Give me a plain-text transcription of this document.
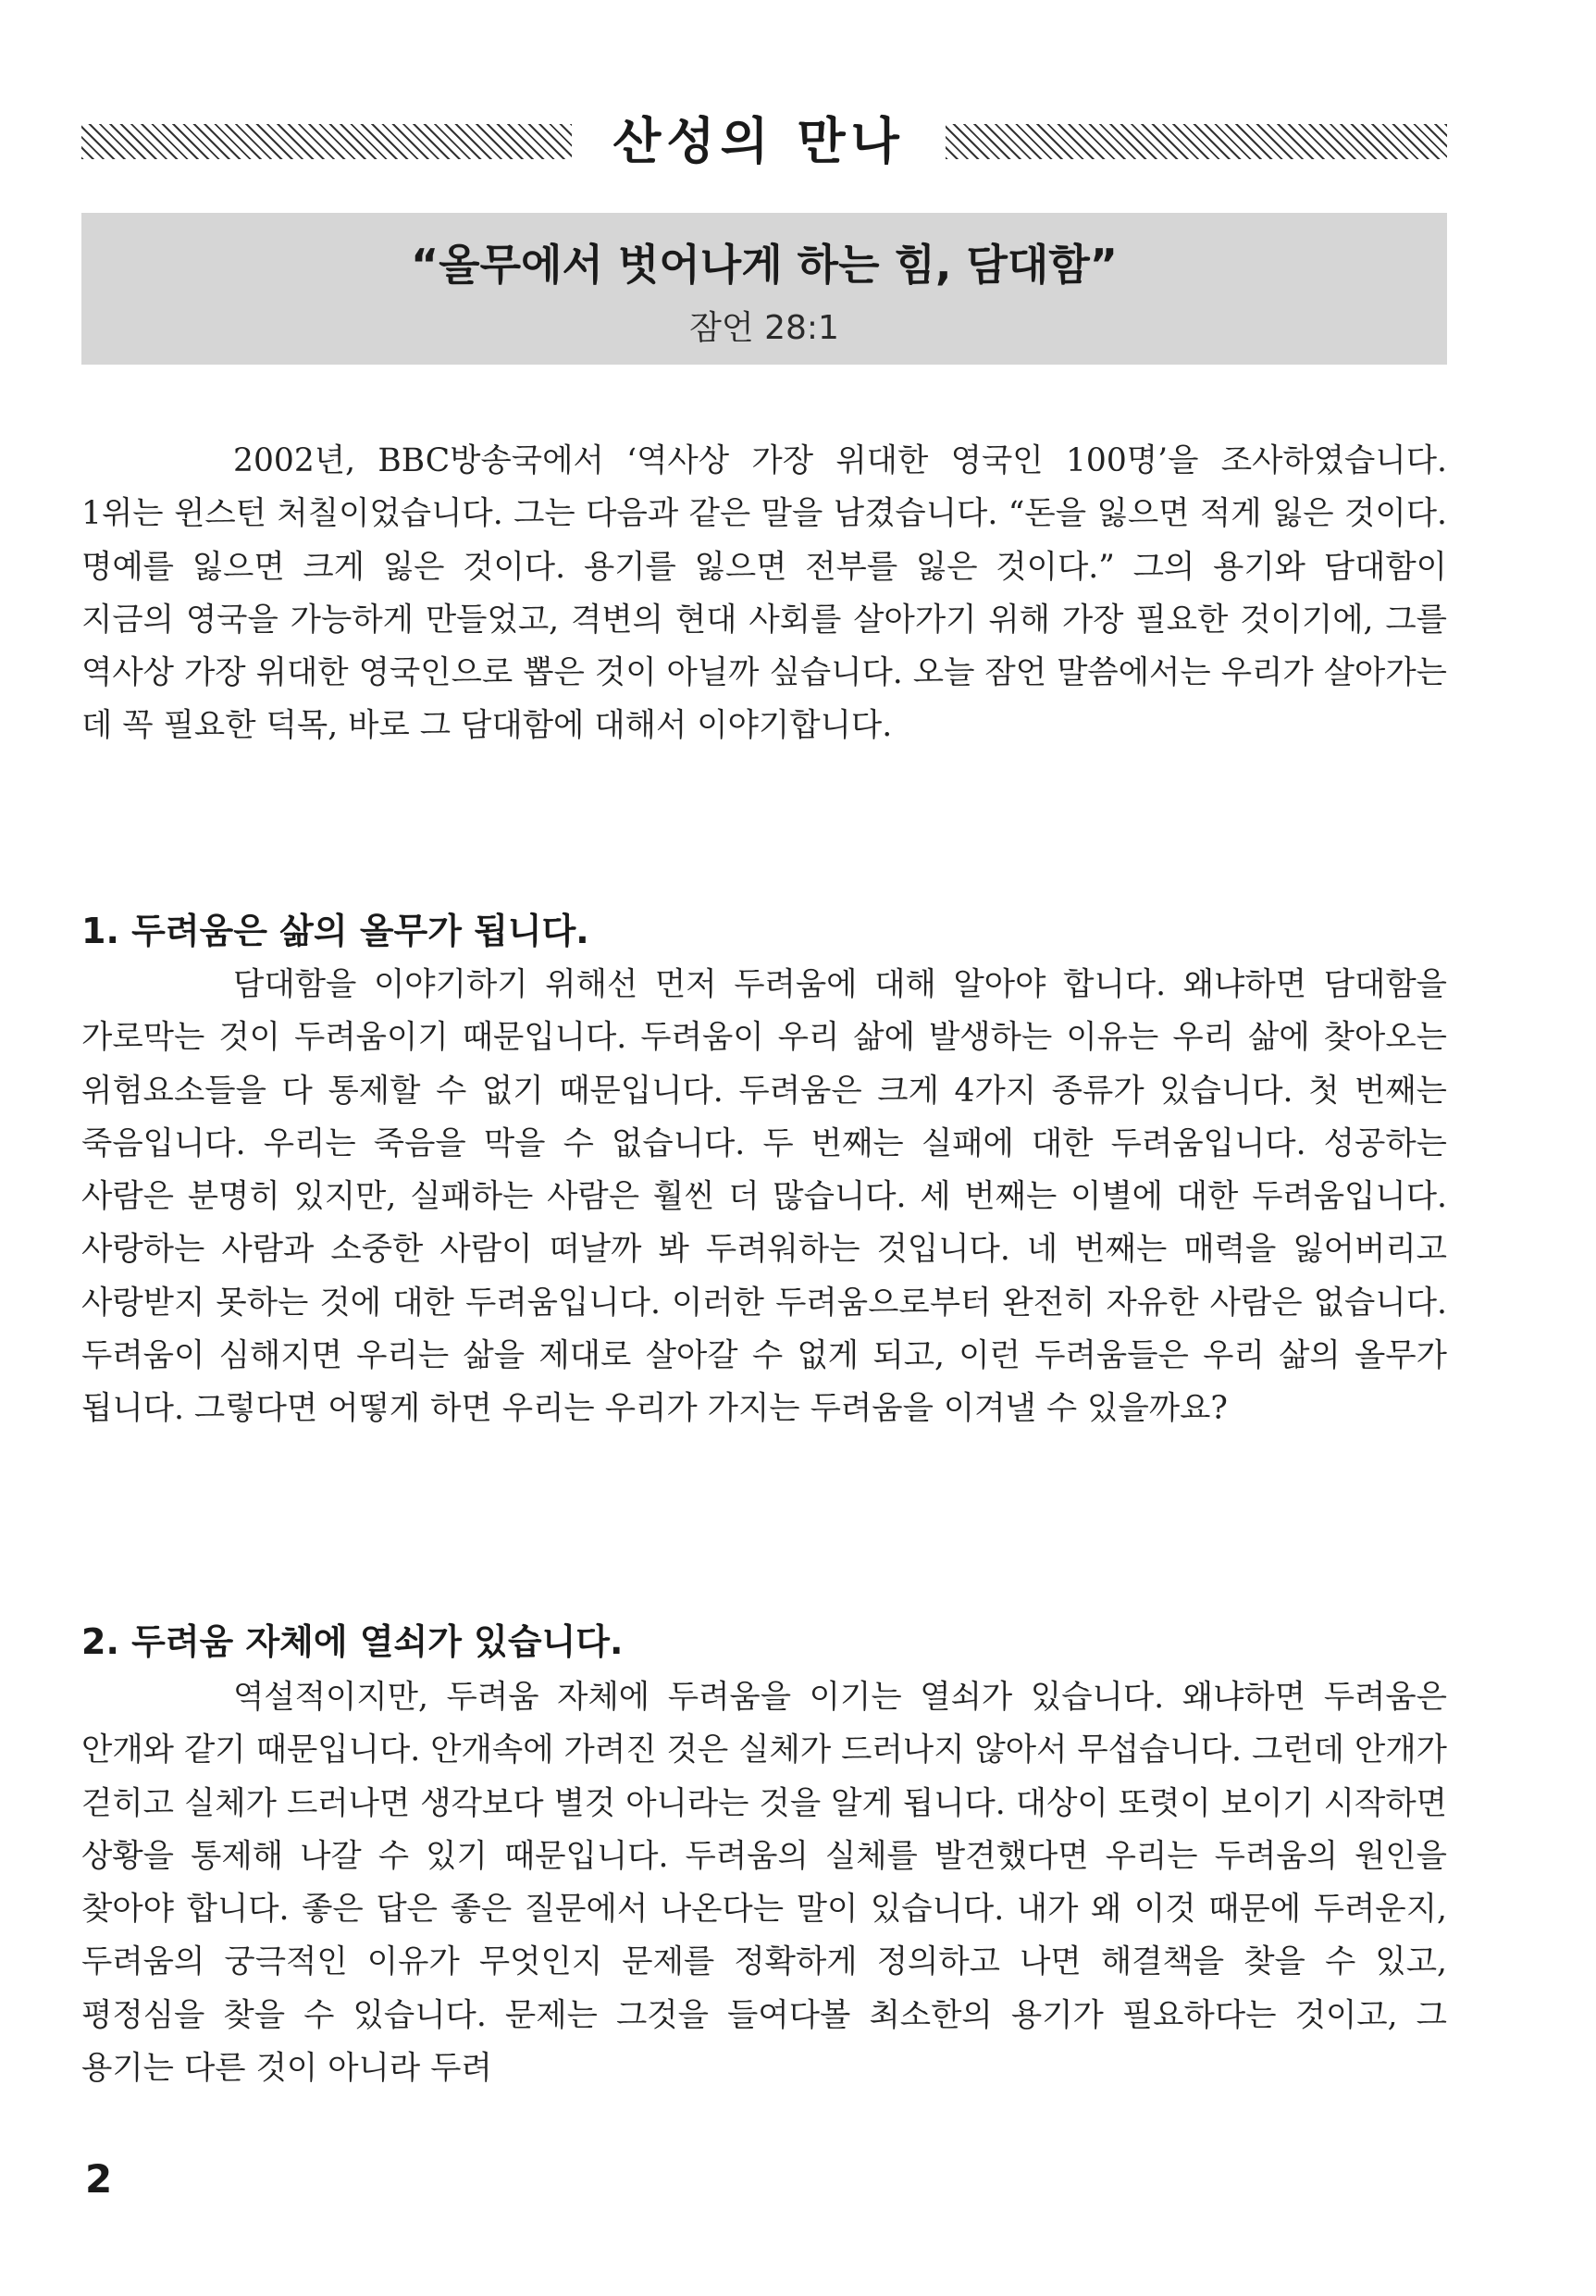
산성의 만나
“올무에서 벗어나게 하는 힘, 담대함”
잠언 28:1

2002년, BBC방송국에서 ‘역사상 가장 위대한 영국인 100명’을 조사하였습니다. 1위는 윈스턴 처칠이었습니다. 그는 다음과 같은 말을 남겼습니다. “돈을 잃으면 적게 잃은 것이다. 명예를 잃으면 크게 잃은 것이다. 용기를 잃으면 전부를 잃은 것이다.” 그의 용기와 담대함이 지금의 영국을 가능하게 만들었고, 격변의 현대 사회를 살아가기 위해 가장 필요한 것이기에, 그를 역사상 가장 위대한 영국인으로 뽑은 것이 아닐까 싶습니다. 오늘 잠언 말씀에서는 우리가 살아가는 데 꼭 필요한 덕목, 바로 그 담대함에 대해서 이야기합니다.

1. 두려움은 삶의 올무가 됩니다.

담대함을 이야기하기 위해선 먼저 두려움에 대해 알아야 합니다. 왜냐하면 담대함을 가로막는 것이 두려움이기 때문입니다. 두려움이 우리 삶에 발생하는 이유는 우리 삶에 찾아오는 위험요소들을 다 통제할 수 없기 때문입니다. 두려움은 크게 4가지 종류가 있습니다. 첫 번째는 죽음입니다. 우리는 죽음을 막을 수 없습니다. 두 번째는 실패에 대한 두려움입니다. 성공하는 사람은 분명히 있지만, 실패하는 사람은 훨씬 더 많습니다. 세 번째는 이별에 대한 두려움입니다. 사랑하는 사람과 소중한 사람이 떠날까 봐 두려워하는 것입니다. 네 번째는 매력을 잃어버리고 사랑받지 못하는 것에 대한 두려움입니다. 이러한 두려움으로부터 완전히 자유한 사람은 없습니다. 두려움이 심해지면 우리는 삶을 제대로 살아갈 수 없게 되고, 이런 두려움들은 우리 삶의 올무가 됩니다. 그렇다면 어떻게 하면 우리는 우리가 가지는 두려움을 이겨낼 수 있을까요?

2. 두려움 자체에 열쇠가 있습니다.

역설적이지만, 두려움 자체에 두려움을 이기는 열쇠가 있습니다. 왜냐하면 두려움은 안개와 같기 때문입니다. 안개속에 가려진 것은 실체가 드러나지 않아서 무섭습니다. 그런데 안개가 걷히고 실체가 드러나면 생각보다 별것 아니라는 것을 알게 됩니다. 대상이 또렷이 보이기 시작하면 상황을 통제해 나갈 수 있기 때문입니다. 두려움의 실체를 발견했다면 우리는 두려움의 원인을 찾아야 합니다. 좋은 답은 좋은 질문에서 나온다는 말이 있습니다. 내가 왜 이것 때문에 두려운지, 두려움의 궁극적인 이유가 무엇인지 문제를 정확하게 정의하고 나면 해결책을 찾을 수 있고, 평정심을 찾을 수 있습니다. 문제는 그것을 들여다볼 최소한의 용기가 필요하다는 것이고, 그 용기는 다른 것이 아니라 두려

2
